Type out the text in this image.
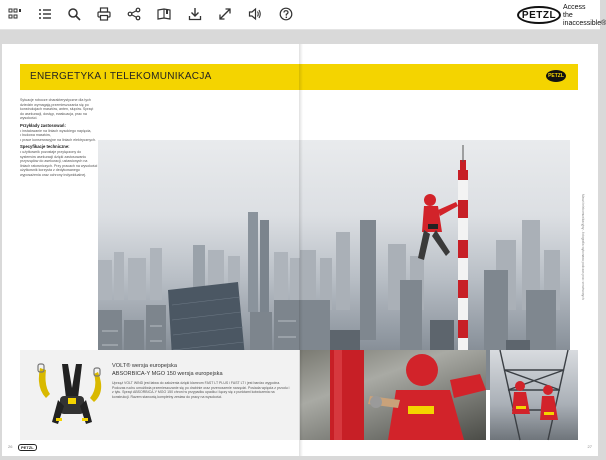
PETZL
Access
the
inaccessible®
ENERGETYKA I TELEKOMUNIKACJA
Sytuacje robocze charakterystyczne dla tych dziedzin wymagają przemieszczania się po konstrukcjach masztów, anten, słupów. Sprzęt do asekuracji, dostęp, ewakuacja, prac na wysokości.
Przykłady zastosowań:
• instalowanie na liniach wysokiego napięcia,
• budowa masztów,
• prace konserwacyjne na liniach elektrycznych.
Specyfikacje techniczne:
• użytkownik pozostaje przyłączony do systemów asekuracji dzięki zastosowaniu przyrządów do asekuracji, ustawionych na liniach ratowniczych. Przy pracach na wysokości użytkownik korzysta z dedykowanego wyposażenia oraz ochrony indywidualnej.
VOLT® wersja europejska
ABSORBICA-Y MGO 150 wersja europejska
Uprząż VOLT WIND jest łatwa do założenia dzięki klamrom FAST LT PLUS i FAST LT i jest bardzo wygodna. Podczas ruchu umożliwia przemieszczanie się po drabinie oraz przenoszenie narzędzi. Posiada wpięcia z przodu i z tyłu. Sprzęt ABSORBICA-Y MGO 150 chroni w przypadku upadku i łączy się z punktami kotwiczenia na konstrukcji. Razem stanowią kompletny zestaw do pracy na wysokości.
26	PETZL
PETZL
Maszt telekomunikacyjny - fotografia wykonana podczas prac serwisowych
27
